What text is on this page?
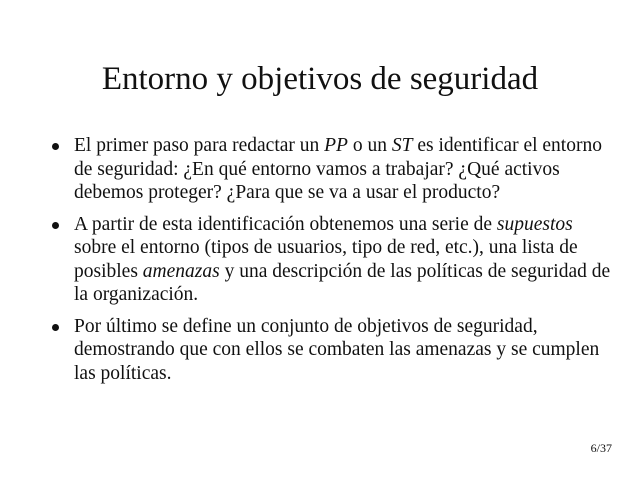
Entorno y objetivos de seguridad
El primer paso para redactar un PP o un ST es identificar el entorno de seguridad: ¿En qué entorno vamos a trabajar? ¿Qué activos debemos proteger? ¿Para que se va a usar el producto?
A partir de esta identificación obtenemos una serie de supuestos sobre el entorno (tipos de usuarios, tipo de red, etc.), una lista de posibles amenazas y una descripción de las políticas de seguridad de la organización.
Por último se define un conjunto de objetivos de seguridad, demostrando que con ellos se combaten las amenazas y se cumplen las políticas.
6/37
